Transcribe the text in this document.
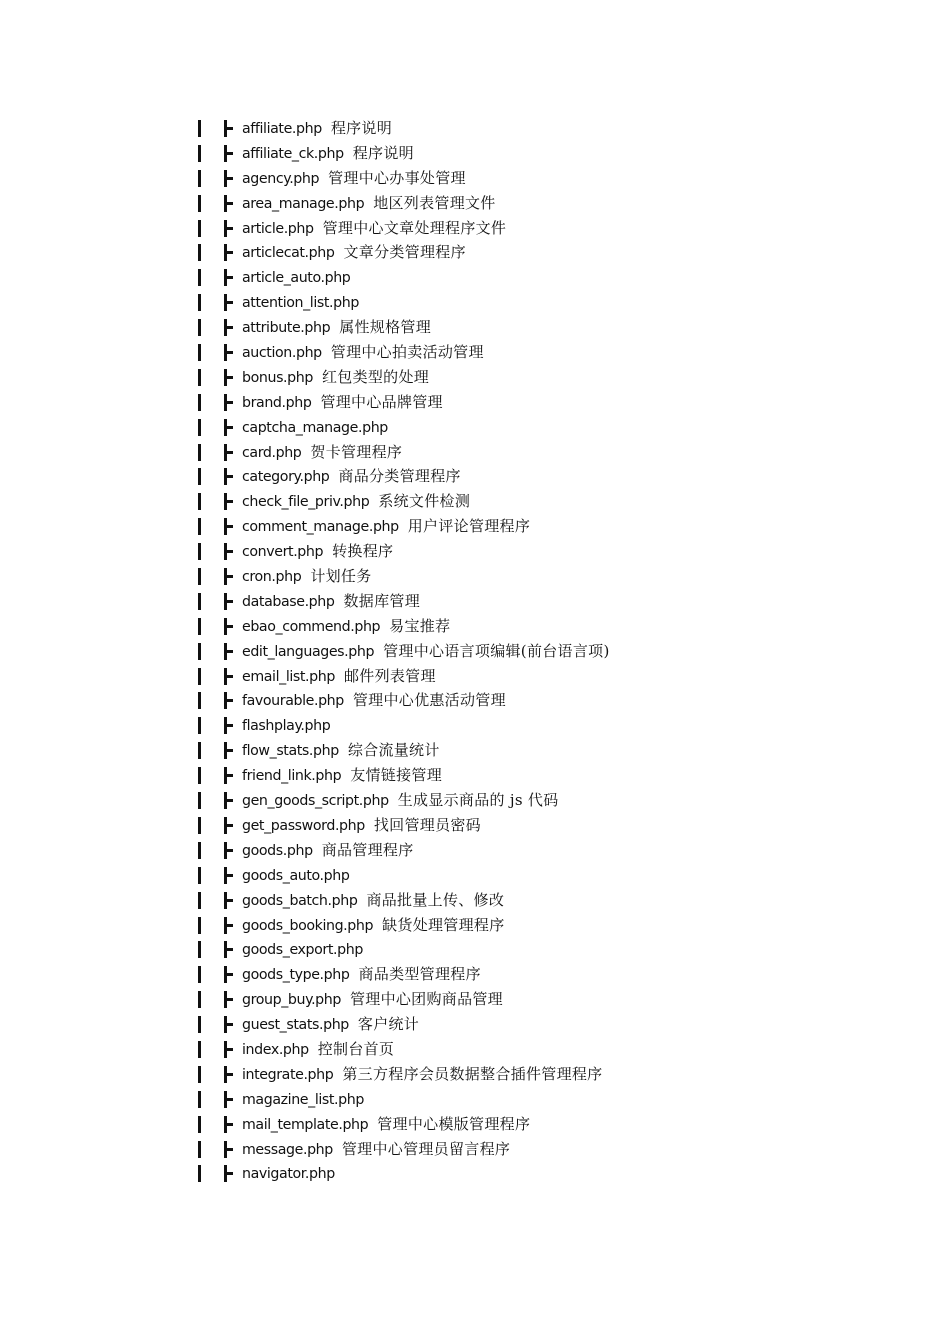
affiliate.php 程序说明
affiliate_ck.php 程序说明
agency.php 管理中心办事处管理
area_manage.php 地区列表管理文件
article.php 管理中心文章处理程序文件
articlecat.php 文章分类管理程序
article_auto.php
attention_list.php
attribute.php 属性规格管理
auction.php 管理中心拍卖活动管理
bonus.php 红包类型的处理
brand.php 管理中心品牌管理
captcha_manage.php
card.php 贺卡管理程序
category.php 商品分类管理程序
check_file_priv.php 系统文件检测
comment_manage.php 用户评论管理程序
convert.php 转换程序
cron.php 计划任务
database.php 数据库管理
ebao_commend.php 易宝推荐
edit_languages.php 管理中心语言项编辑(前台语言项)
email_list.php 邮件列表管理
favourable.php 管理中心优惠活动管理
flashplay.php
flow_stats.php 综合流量统计
friend_link.php 友情链接管理
gen_goods_script.php 生成显示商品的 js 代码
get_password.php 找回管理员密码
goods.php 商品管理程序
goods_auto.php
goods_batch.php 商品批量上传、修改
goods_booking.php 缺货处理管理程序
goods_export.php
goods_type.php 商品类型管理程序
group_buy.php 管理中心团购商品管理
guest_stats.php 客户统计
index.php 控制台首页
integrate.php 第三方程序会员数据整合插件管理程序
magazine_list.php
mail_template.php 管理中心模版管理程序
message.php 管理中心管理员留言程序
navigator.php
